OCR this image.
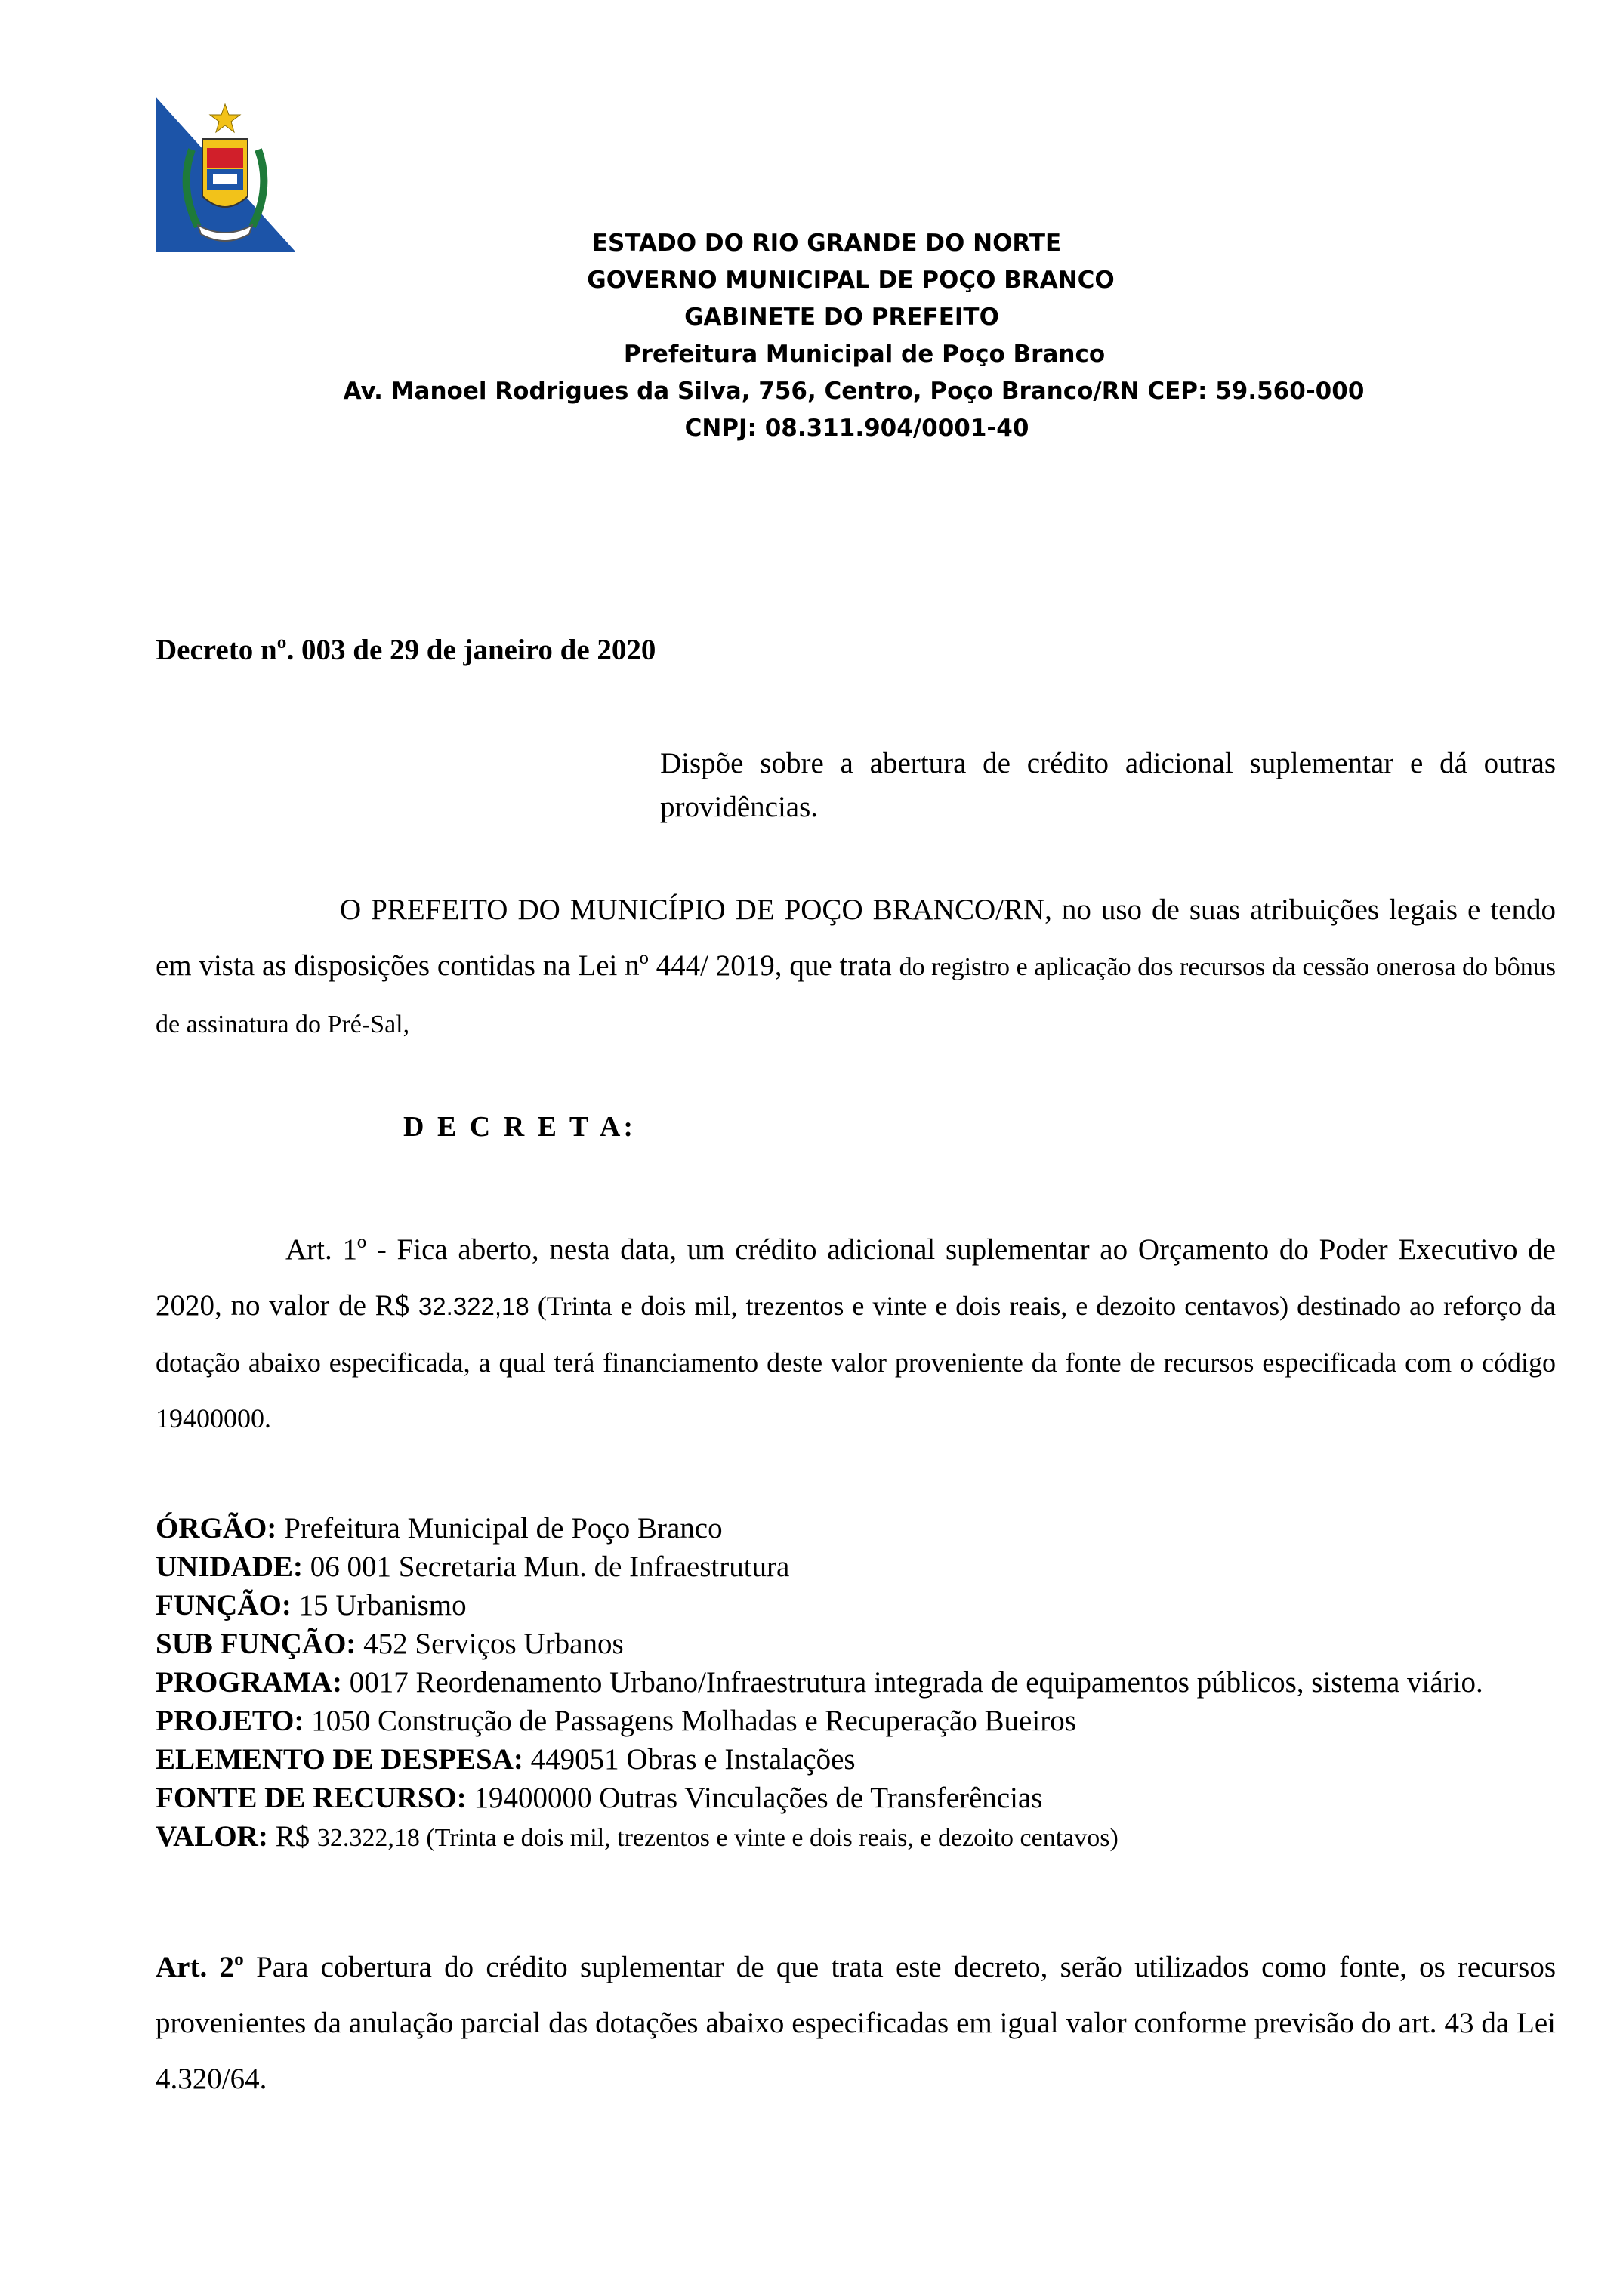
ESTADO DO RIO GRANDE DO NORTE
GOVERNO MUNICIPAL DE POÇO BRANCO
GABINETE DO PREFEITO
Prefeitura Municipal de Poço Branco
Av. Manoel Rodrigues da Silva, 756, Centro, Poço Branco/RN CEP: 59.560-000
CNPJ: 08.311.904/0001-40
Decreto nº. 003 de 29 de janeiro de 2020
Dispõe sobre a abertura de crédito adicional suplementar e dá outras providências.
O PREFEITO DO MUNICÍPIO DE POÇO BRANCO/RN, no uso de suas atribuições legais e tendo em vista as disposições contidas na Lei nº 444/ 2019, que trata do registro e aplicação dos recursos da cessão onerosa do bônus de assinatura do Pré-Sal,
D E C R E T A:
Art. 1º - Fica aberto, nesta data, um crédito adicional suplementar ao Orçamento do Poder Executivo de 2020, no valor de R$ 32.322,18 (Trinta e dois mil, trezentos e vinte e dois reais, e dezoito centavos) destinado ao reforço da dotação abaixo especificada, a qual terá financiamento deste valor proveniente da fonte de recursos especificada com o código 19400000.
ÓRGÃO: Prefeitura Municipal de Poço Branco
UNIDADE: 06 001 Secretaria Mun. de Infraestrutura
FUNÇÃO: 15 Urbanismo
SUB FUNÇÃO: 452 Serviços Urbanos
PROGRAMA: 0017 Reordenamento Urbano/Infraestrutura integrada de equipamentos públicos, sistema viário.
PROJETO: 1050 Construção de Passagens Molhadas e Recuperação Bueiros
ELEMENTO DE DESPESA: 449051 Obras e Instalações
FONTE DE RECURSO: 19400000 Outras Vinculações de Transferências
VALOR: R$ 32.322,18 (Trinta e dois mil, trezentos e vinte e dois reais, e dezoito centavos)
Art. 2º Para cobertura do crédito suplementar de que trata este decreto, serão utilizados como fonte, os recursos provenientes da anulação parcial das dotações abaixo especificadas em igual valor conforme previsão do art. 43 da Lei 4.320/64.
